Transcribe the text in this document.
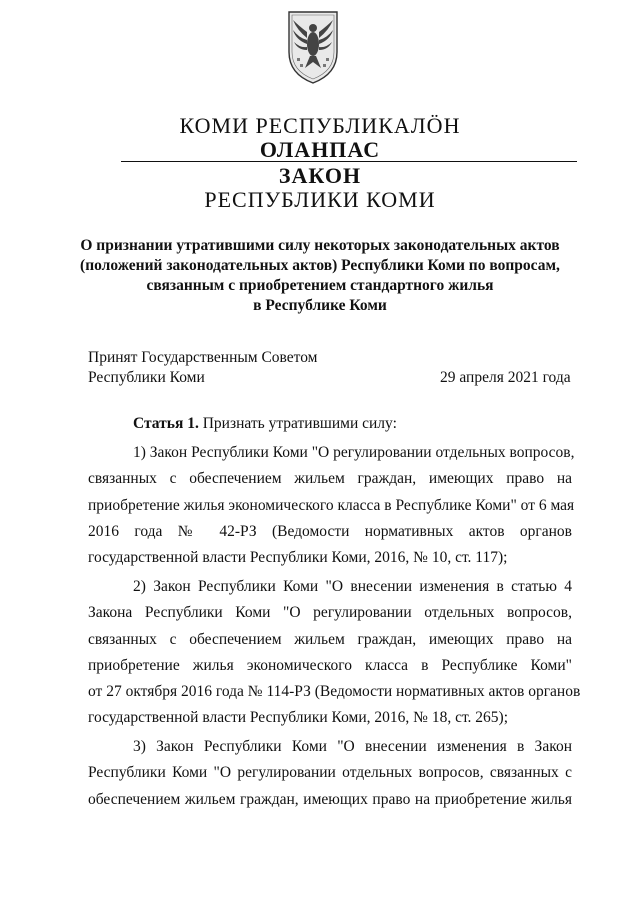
КОМИ РЕСПУБЛИКАЛӦН
ОЛАНПАС
ЗАКОН
РЕСПУБЛИКИ КОМИ
О признании утратившими силу некоторых законодательных актов
(положений законодательных актов) Республики Коми по вопросам,
связанным с приобретением стандартного жилья
в Республике Коми
Принят Государственным Советом
Республики Коми	29 апреля 2021 года
Статья 1. Признать утратившими силу:
1) Закон Республики Коми "О регулировании отдельных вопросов,
связанных с обеспечением жильем граждан, имеющих право на
приобретение жилья экономического класса в Республике Коми" от 6 мая
2016 года № 42-РЗ (Ведомости нормативных актов органов
государственной власти Республики Коми, 2016, № 10, ст. 117);
2) Закон Республики Коми "О внесении изменения в статью 4
Закона Республики Коми "О регулировании отдельных вопросов,
связанных с обеспечением жильем граждан, имеющих право на
приобретение жилья экономического класса в Республике Коми"
от 27 октября 2016 года № 114-РЗ (Ведомости нормативных актов органов
государственной власти Республики Коми, 2016, № 18, ст. 265);
3) Закон Республики Коми "О внесении изменения в Закон
Республики Коми "О регулировании отдельных вопросов, связанных с
обеспечением жильем граждан, имеющих право на приобретение жилья
